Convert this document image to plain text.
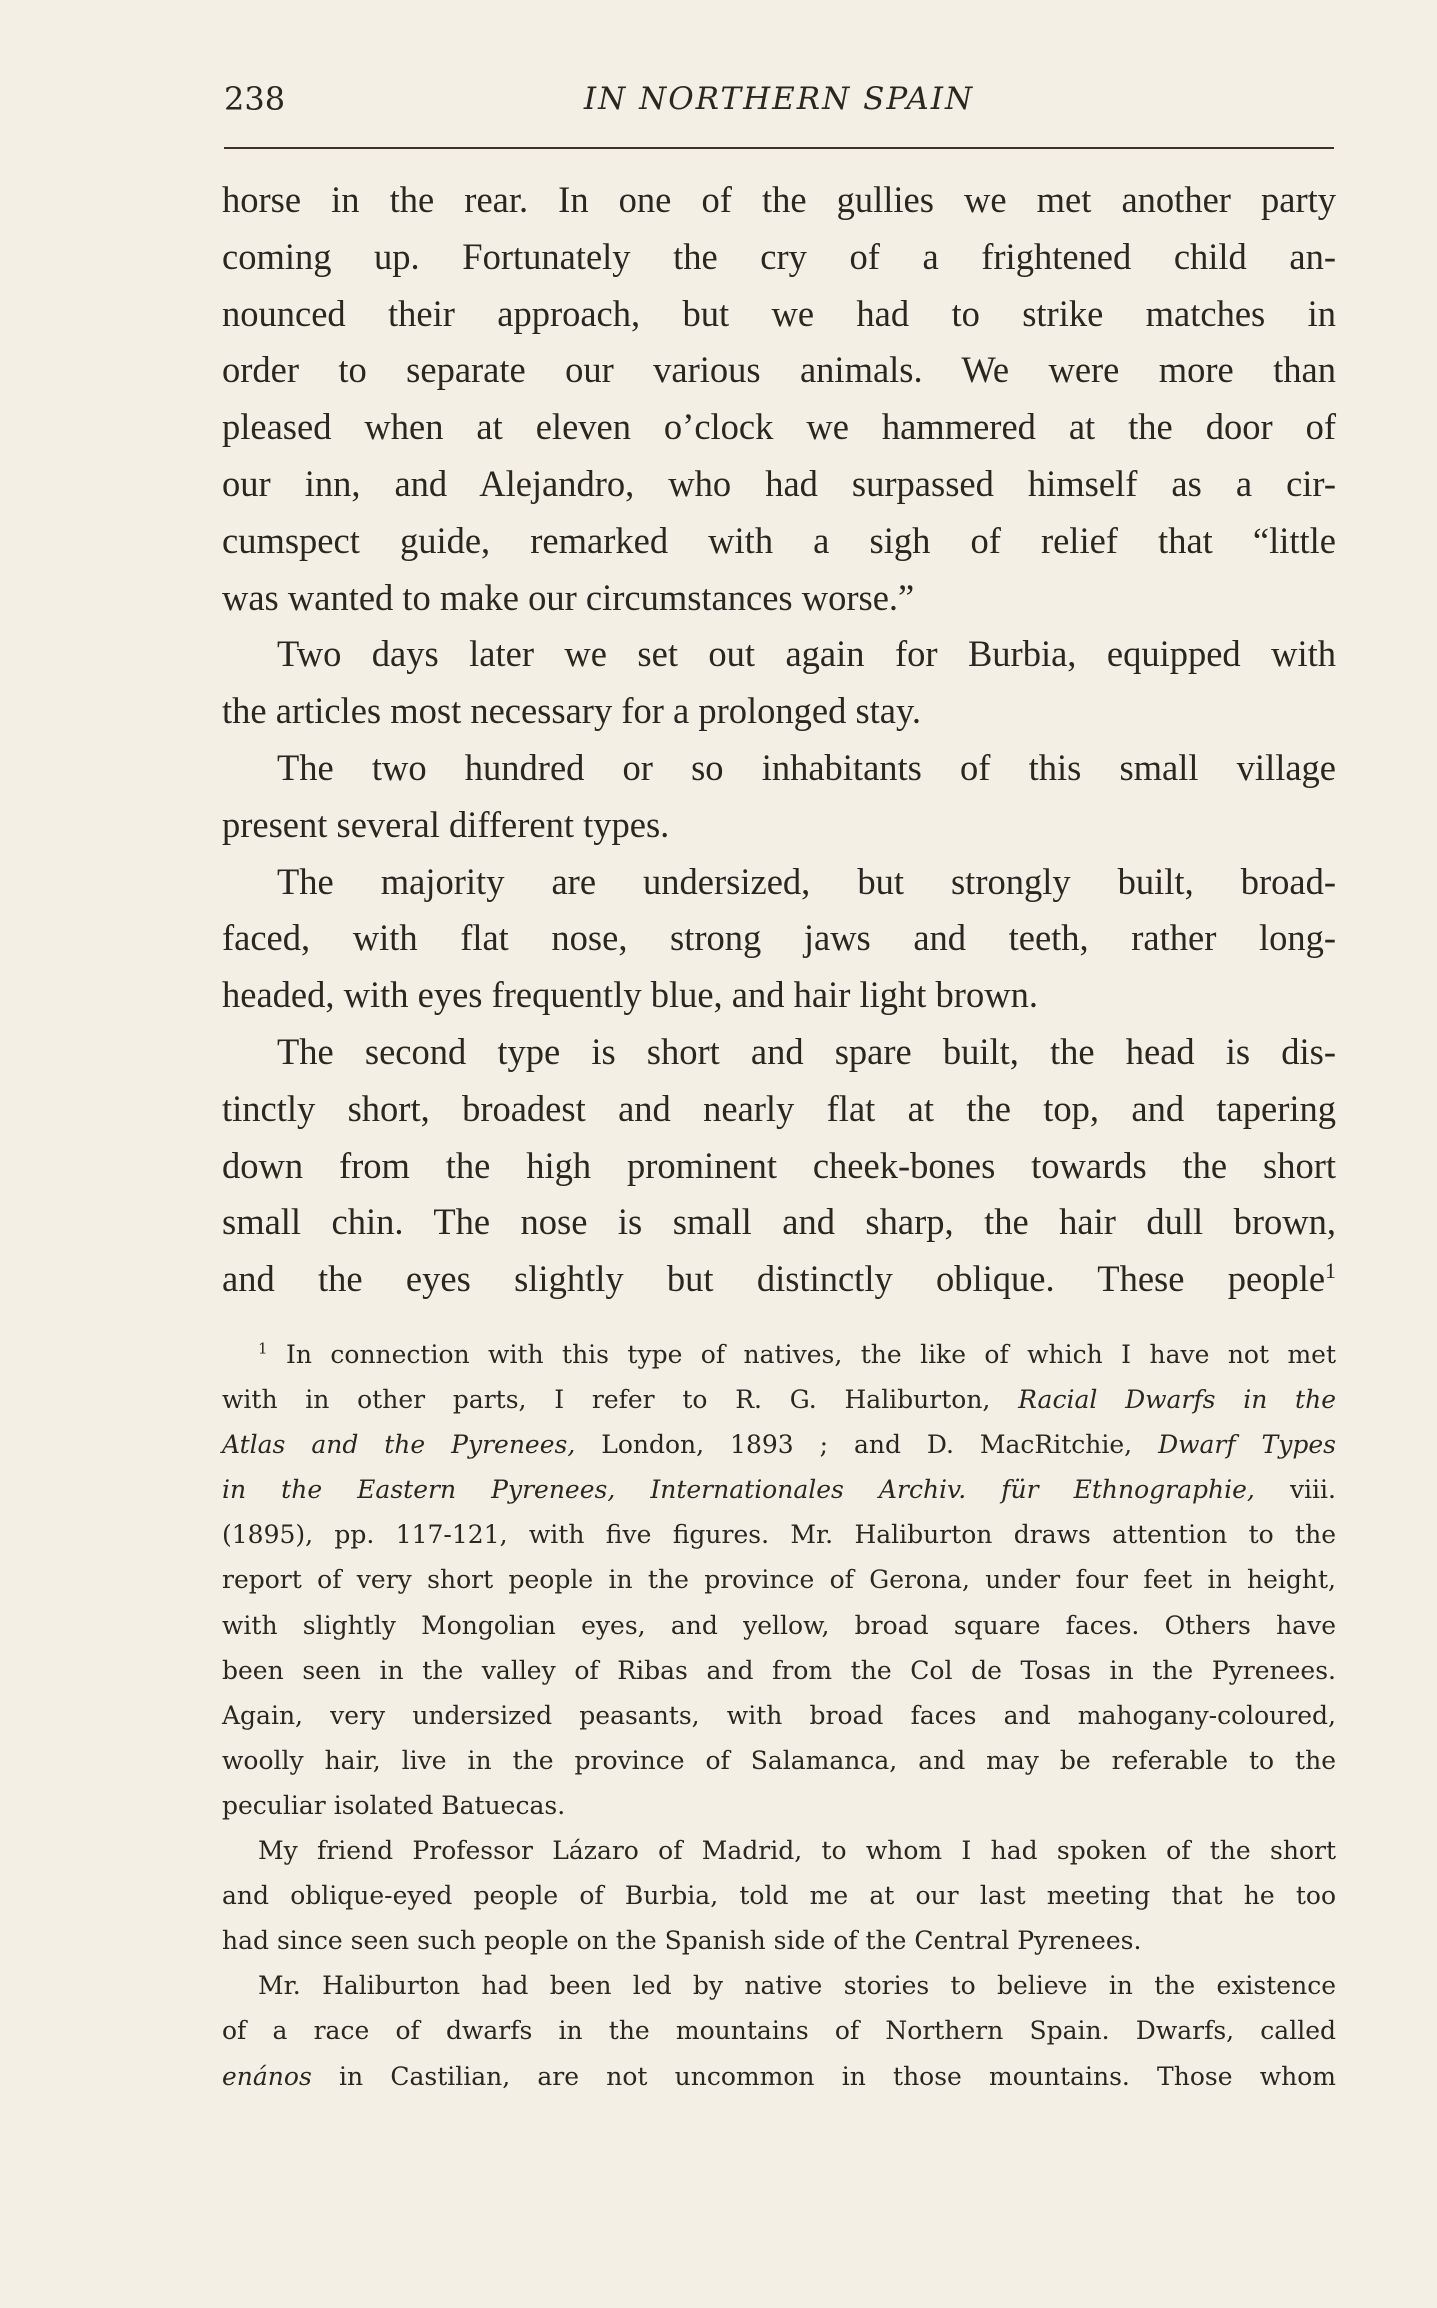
238	IN NORTHERN SPAIN
horse in the rear. In one of the gullies we met another party
coming up. Fortunately the cry of a frightened child an-
nounced their approach, but we had to strike matches in
order to separate our various animals. We were more than
pleased when at eleven o’clock we hammered at the door of
our inn, and Alejandro, who had surpassed himself as a cir-
cumspect guide, remarked with a sigh of relief that “little
was wanted to make our circumstances worse.”
Two days later we set out again for Burbia, equipped with
the articles most necessary for a prolonged stay.
The two hundred or so inhabitants of this small village
present several different types.
The majority are undersized, but strongly built, broad-
faced, with flat nose, strong jaws and teeth, rather long-
headed, with eyes frequently blue, and hair light brown.
The second type is short and spare built, the head is dis-
tinctly short, broadest and nearly flat at the top, and tapering
down from the high prominent cheek-bones towards the short
small chin. The nose is small and sharp, the hair dull brown,
and the eyes slightly but distinctly oblique. These people$^1$
$^1$ In connection with this type of natives, the like of which I have not met
with in other parts, I refer to R. G. Haliburton, Racial Dwarfs in the
Atlas and the Pyrenees, London, 1893 ; and D. MacRitchie, Dwarf Types
in the Eastern Pyrenees, Internationales Archiv. für Ethnographie, viii.
(1895), pp. 117-121, with five figures. Mr. Haliburton draws attention to the
report of very short people in the province of Gerona, under four feet in height,
with slightly Mongolian eyes, and yellow, broad square faces. Others have
been seen in the valley of Ribas and from the Col de Tosas in the Pyrenees.
Again, very undersized peasants, with broad faces and mahogany-coloured,
woolly hair, live in the province of Salamanca, and may be referable to the
peculiar isolated Batuecas.
My friend Professor Lázaro of Madrid, to whom I had spoken of the short
and oblique-eyed people of Burbia, told me at our last meeting that he too
had since seen such people on the Spanish side of the Central Pyrenees.
Mr. Haliburton had been led by native stories to believe in the existence
of a race of dwarfs in the mountains of Northern Spain. Dwarfs, called
enános in Castilian, are not uncommon in those mountains. Those whom
